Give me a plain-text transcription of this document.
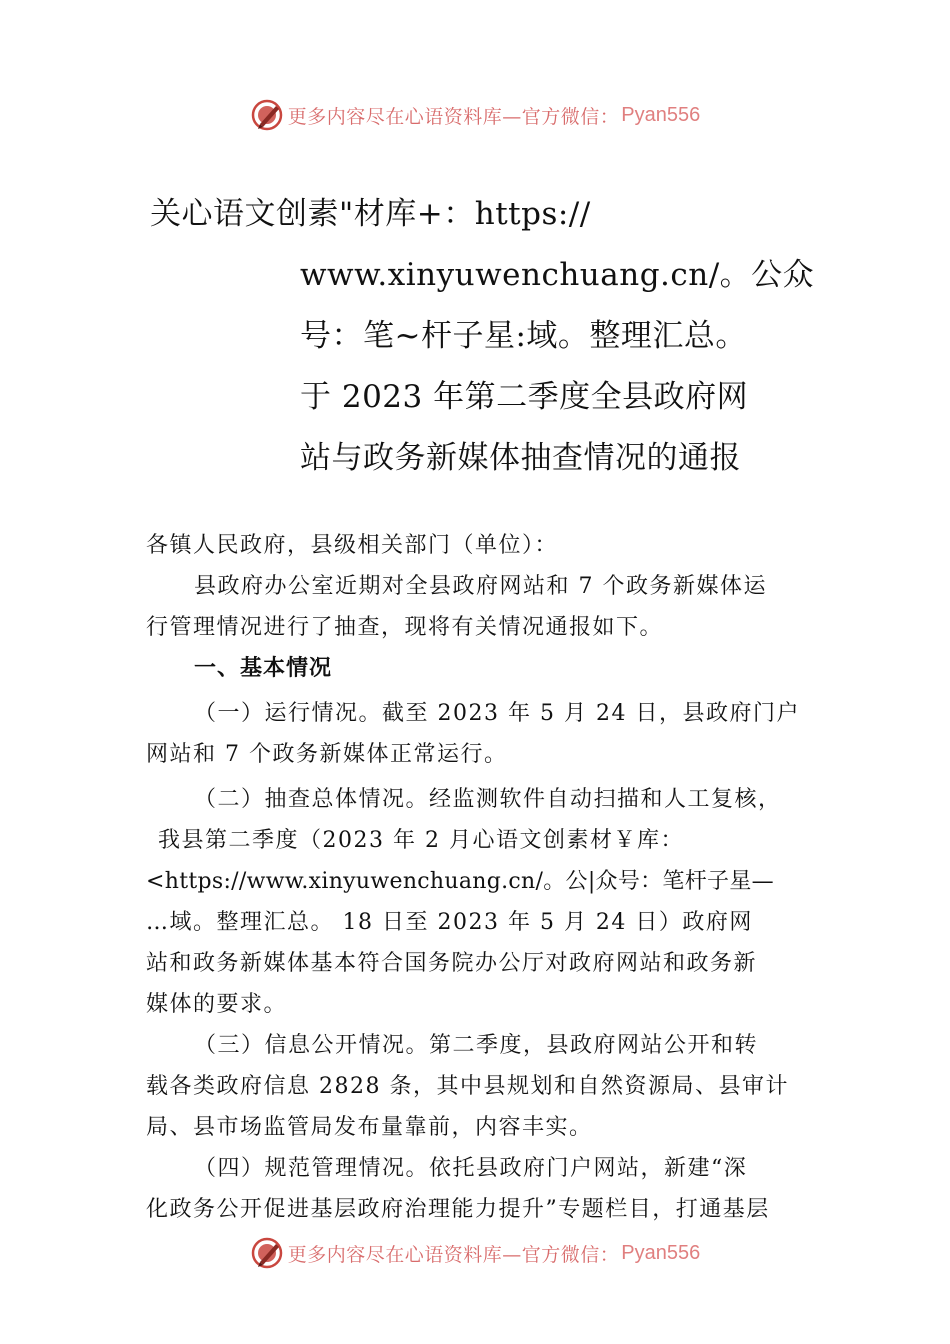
更多内容尽在心语资料库—官方微信： Pyan556
关心语文创素"材库+：https://
www.xinyuwenchuang.cn/。公众
号：笔~杆子星:域。整理汇总。
于 2023 年第二季度全县政府网
站与政务新媒体抽查情况的通报
各镇人民政府，县级相关部门（单位）：
县政府办公室近期对全县政府网站和 7 个政务新媒体运
行管理情况进行了抽查，现将有关情况通报如下。
一、基本情况
（一）运行情况。截至 2023 年 5 月 24 日，县政府门户
网站和 7 个政务新媒体正常运行。
（二）抽查总体情况。经监测软件自动扫描和人工复核，
我县第二季度（2023 年 2 月心语文创素材￥库：
<https://www.xinyuwenchuang.cn/。公|众号：笔杆子星—
…域。整理汇总。 18 日至 2023 年 5 月 24 日）政府网
站和政务新媒体基本符合国务院办公厅对政府网站和政务新
媒体的要求。
（三）信息公开情况。第二季度，县政府网站公开和转
载各类政府信息 2828 条，其中县规划和自然资源局、县审计
局、县市场监管局发布量靠前，内容丰实。
（四）规范管理情况。依托县政府门户网站，新建“深
化政务公开促进基层政府治理能力提升”专题栏目，打通基层
更多内容尽在心语资料库—官方微信： Pyan556
